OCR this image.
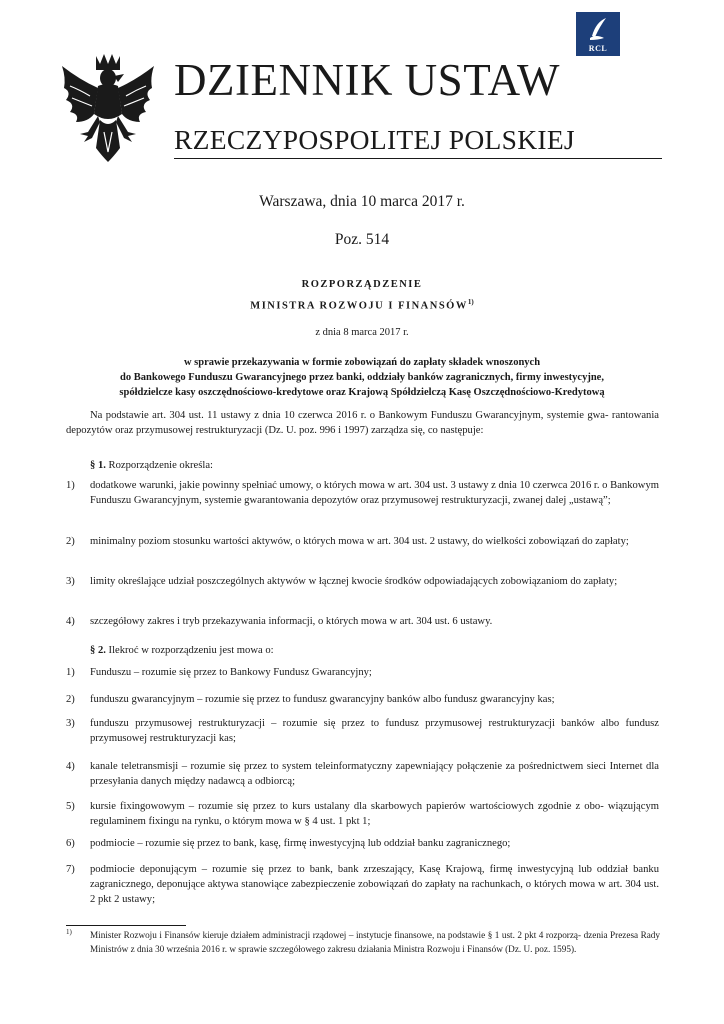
RCL
DZIENNIK USTAW
RZECZYPOSPOLITEJ POLSKIEJ
Warszawa, dnia 10 marca 2017 r.
Poz. 514
ROZPORZĄDZENIE
MINISTRA ROZWOJU I FINANSÓW$^{1)}$
z dnia 8 marca 2017 r.
w sprawie przekazywania w formie zobowiązań do zapłaty składek wnoszonych
do Bankowego Funduszu Gwarancyjnego przez banki, oddziały banków zagranicznych, firmy inwestycyjne,
spółdzielcze kasy oszczędnościowo-kredytowe oraz Krajową Spółdzielczą Kasę Oszczędnościowo-Kredytową
Na podstawie art. 304 ust. 11 ustawy z dnia 10 czerwca 2016 r. o Bankowym Funduszu Gwarancyjnym, systemie gwa- rantowania depozytów oraz przymusowej restrukturyzacji (Dz. U. poz. 996 i 1997) zarządza się, co następuje:
§ 1. Rozporządzenie określa:
1) dodatkowe warunki, jakie powinny spełniać umowy, o których mowa w art. 304 ust. 3 ustawy z dnia 10 czerwca 2016 r. o Bankowym Funduszu Gwarancyjnym, systemie gwarantowania depozytów oraz przymusowej restrukturyzacji, zwanej dalej „ustawą”;
2) minimalny poziom stosunku wartości aktywów, o których mowa w art. 304 ust. 2 ustawy, do wielkości zobowiązań do zapłaty;
3) limity określające udział poszczególnych aktywów w łącznej kwocie środków odpowiadających zobowiązaniom do zapłaty;
4) szczegółowy zakres i tryb przekazywania informacji, o których mowa w art. 304 ust. 6 ustawy.
§ 2. Ilekroć w rozporządzeniu jest mowa o:
1) Funduszu – rozumie się przez to Bankowy Fundusz Gwarancyjny;
2) funduszu gwarancyjnym – rozumie się przez to fundusz gwarancyjny banków albo fundusz gwarancyjny kas;
3) funduszu przymusowej restrukturyzacji – rozumie się przez to fundusz przymusowej restrukturyzacji banków albo fundusz przymusowej restrukturyzacji kas;
4) kanale teletransmisji – rozumie się przez to system teleinformatyczny zapewniający połączenie za pośrednictwem sieci Internet dla przesyłania danych między nadawcą a odbiorcą;
5) kursie fixingowowym – rozumie się przez to kurs ustalany dla skarbowych papierów wartościowych zgodnie z obo- wiązującym regulaminem fixingu na rynku, o którym mowa w § 4 ust. 1 pkt 1;
6) podmiocie – rozumie się przez to bank, kasę, firmę inwestycyjną lub oddział banku zagranicznego;
7) podmiocie deponującym – rozumie się przez to bank, bank zrzeszający, Kasę Krajową, firmę inwestycyjną lub oddział banku zagranicznego, deponujące aktywa stanowiące zabezpieczenie zobowiązań do zapłaty na rachunkach, o których mowa w art. 304 ust. 2 pkt 2 ustawy;
1) Minister Rozwoju i Finansów kieruje działem administracji rządowej – instytucje finansowe, na podstawie § 1 ust. 2 pkt 4 rozporzą- dzenia Prezesa Rady Ministrów z dnia 30 września 2016 r. w sprawie szczegółowego zakresu działania Ministra Rozwoju i Finansów (Dz. U. poz. 1595).
